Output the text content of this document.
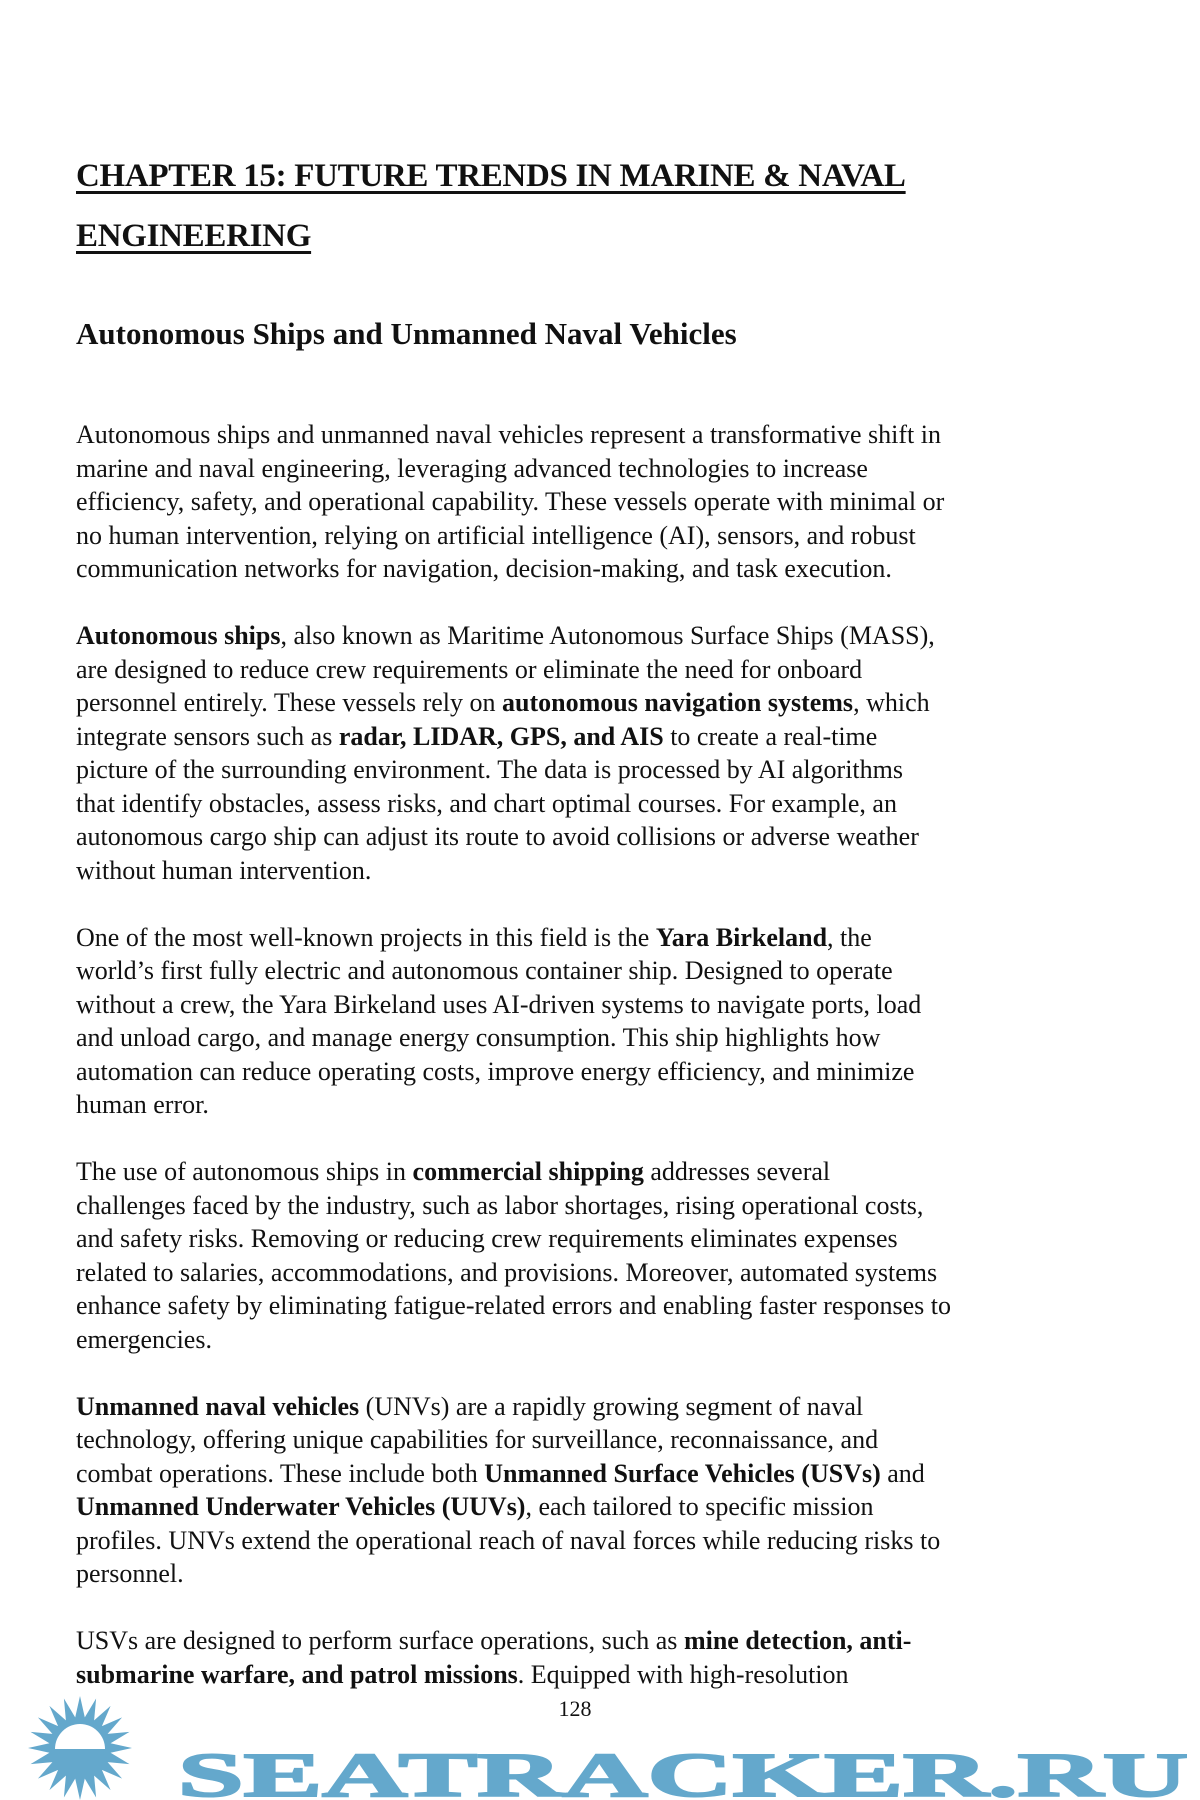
CHAPTER 15: FUTURE TRENDS IN MARINE & NAVAL
ENGINEERING
Autonomous Ships and Unmanned Naval Vehicles
Autonomous ships and unmanned naval vehicles represent a transformative shift in
marine and naval engineering, leveraging advanced technologies to increase
efficiency, safety, and operational capability. These vessels operate with minimal or
no human intervention, relying on artificial intelligence (AI), sensors, and robust
communication networks for navigation, decision-making, and task execution.
Autonomous ships, also known as Maritime Autonomous Surface Ships (MASS),
are designed to reduce crew requirements or eliminate the need for onboard
personnel entirely. These vessels rely on autonomous navigation systems, which
integrate sensors such as radar, LIDAR, GPS, and AIS to create a real-time
picture of the surrounding environment. The data is processed by AI algorithms
that identify obstacles, assess risks, and chart optimal courses. For example, an
autonomous cargo ship can adjust its route to avoid collisions or adverse weather
without human intervention.
One of the most well-known projects in this field is the Yara Birkeland, the
world’s first fully electric and autonomous container ship. Designed to operate
without a crew, the Yara Birkeland uses AI-driven systems to navigate ports, load
and unload cargo, and manage energy consumption. This ship highlights how
automation can reduce operating costs, improve energy efficiency, and minimize
human error.
The use of autonomous ships in commercial shipping addresses several
challenges faced by the industry, such as labor shortages, rising operational costs,
and safety risks. Removing or reducing crew requirements eliminates expenses
related to salaries, accommodations, and provisions. Moreover, automated systems
enhance safety by eliminating fatigue-related errors and enabling faster responses to
emergencies.
Unmanned naval vehicles (UNVs) are a rapidly growing segment of naval
technology, offering unique capabilities for surveillance, reconnaissance, and
combat operations. These include both Unmanned Surface Vehicles (USVs) and
Unmanned Underwater Vehicles (UUVs), each tailored to specific mission
profiles. UNVs extend the operational reach of naval forces while reducing risks to
personnel.
USVs are designed to perform surface operations, such as mine detection, anti-
submarine warfare, and patrol missions. Equipped with high-resolution
SEATRACKER.RU
128
